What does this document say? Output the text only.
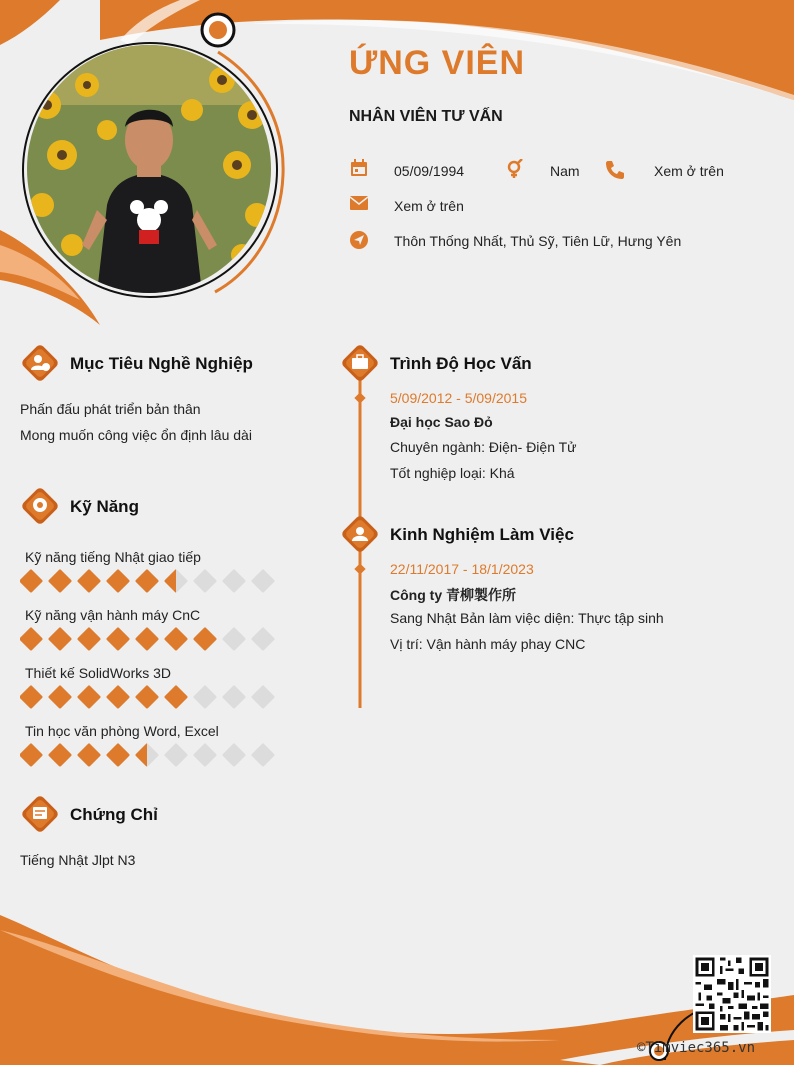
ỨNG VIÊN
NHÂN VIÊN TƯ VẤN
05/09/1994	Nam	Xem ở trên
Xem ở trên
Thôn Thống Nhất, Thủ Sỹ, Tiên Lữ, Hưng Yên
Mục Tiêu Nghề Nghiệp
Phấn đấu phát triển bản thân
Mong muốn công việc ổn định lâu dài
Kỹ Năng
Kỹ năng tiếng Nhật giao tiếp
Kỹ năng vận hành máy CnC
Thiết kế SolidWorks 3D
Tin học văn phòng Word, Excel
Chứng Chỉ
Tiếng Nhật Jlpt N3
Trình Độ Học Vấn
5/09/2012 - 5/09/2015
Đại học Sao Đỏ
Chuyên ngành: Điện- Điện Tử
Tốt nghiệp loại: Khá
Kinh Nghiệm Làm Việc
22/11/2017 - 18/1/2023
Công ty 青柳製作所
Sang Nhật Bản làm việc diện: Thực tập sinh
Vị trí: Vận hành máy phay CNC
©Timviec365.vn
